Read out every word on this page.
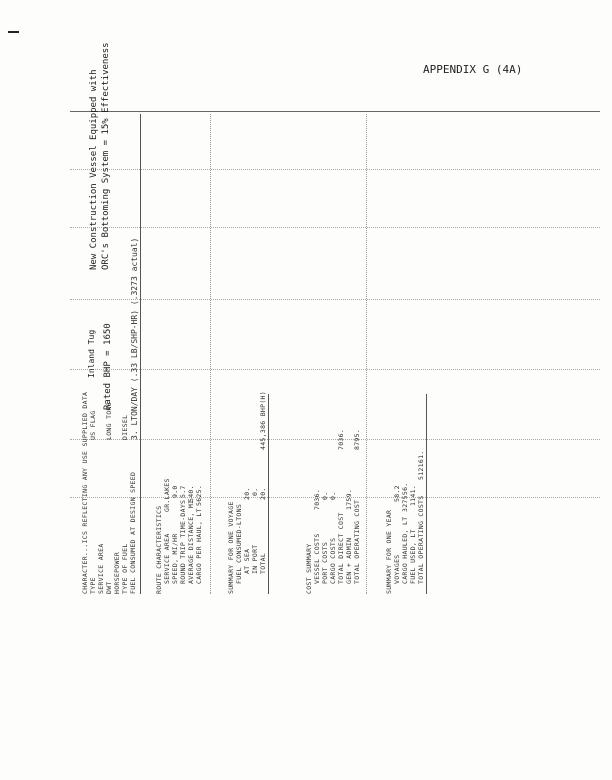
APPENDIX G (4A)
CHARACTER...ICS REFLECTING ANY USE SUPPLIED DATA TYPE SERVICE AREA DWT HORSEPOWER TYPE OF FUEL FUEL CONSUMED AT DESIGN SPEED
US FLAG
Inland Tug
LONG TONS
Rated BHP = 1650
DIESEL 3. LTON/DAY (.33 LB/SHP-HR) (.3273 actual)
New Construction Vessel Equipped with ORC's Bottoming System = 15% Effectiveness
ROUTE CHARACTERISTICS SERVICE AREA
GR.LAKES
SPEED, MI/HR
9.0
ROUND TRIP TIME-DAYS
5.7
AVERAGE DISTANCE, MI
540.
CARGO PER HAUL, LT
5625.
SUMMARY FOR ONE VOYAGE FUEL CONSUMED-LTONS AT SEA
20.
IN PORT
0.
TOTAL
20.
445,386 BHP(H)
COST SUMMARY VESSEL COSTS
7036.
PORT COSTS
0.
CARGO COSTS
0.
TOTAL DIRECT COST
7036.
GEN + ADMIN
1759.
TOTAL OPERATING COST
8795.
SUMMARY FOR ONE YEAR VOYAGES
58.2
CARGO HAULED, LT
327556.
FUEL USED, LT
1141.
TOTAL OPERATING COSTS
512161.
